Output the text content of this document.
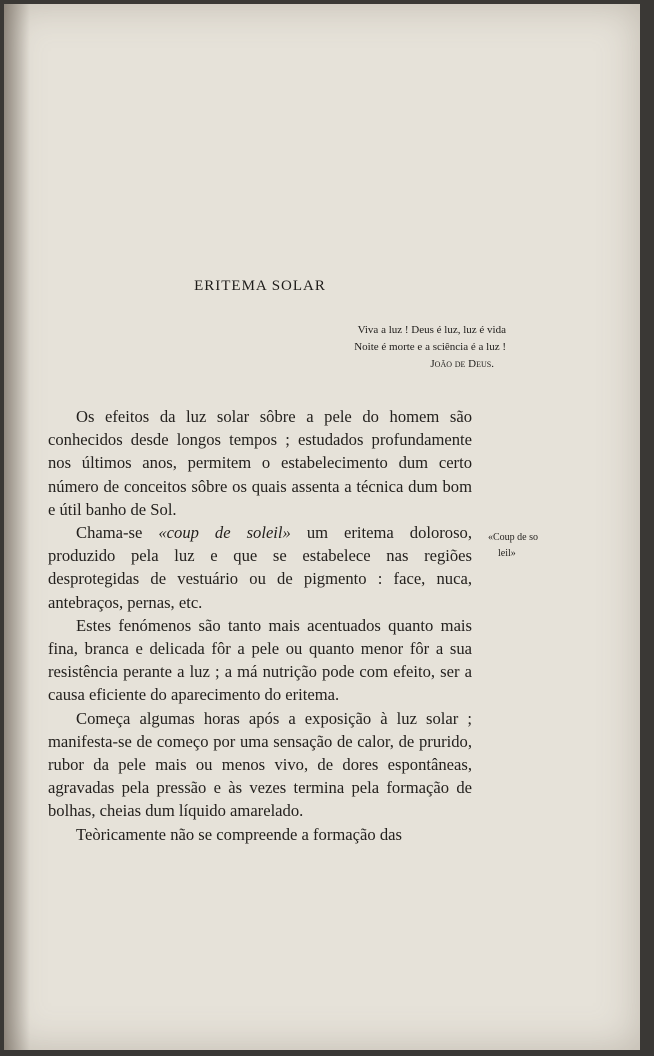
ERITEMA SOLAR
Viva a luz ! Deus é luz, luz é vida
Noite é morte e a sciência é a luz !
João de Deus.

Os efeitos da luz solar sôbre a pele do homem são conhecidos desde longos tempos ; estudados profundamente nos últimos anos, permitem o estabelecimento dum certo número de conceitos sôbre os quais assenta a técnica dum bom e útil banho de Sol.

Chama-se «coup de soleil» um eritema doloroso, produzido pela luz e que se estabelece nas regiões desprotegidas de vestuário ou de pigmento : face, nuca, antebraços, pernas, etc.

Estes fenómenos são tanto mais acentuados quanto mais fina, branca e delicada fôr a pele ou quanto menor fôr a sua resistência perante a luz ; a má nutrição pode com efeito, ser a causa eficiente do aparecimento do eritema.

Começa algumas horas após a exposição à luz solar ; manifesta-se de começo por uma sensação de calor, de prurido, rubor da pele mais ou menos vivo, de dores espontâneas, agravadas pela pressão e às vezes termina pela formação de bolhas, cheias dum líquido amarelado.

Teòricamente não se compreende a formação das

«Coup de so
leil»
